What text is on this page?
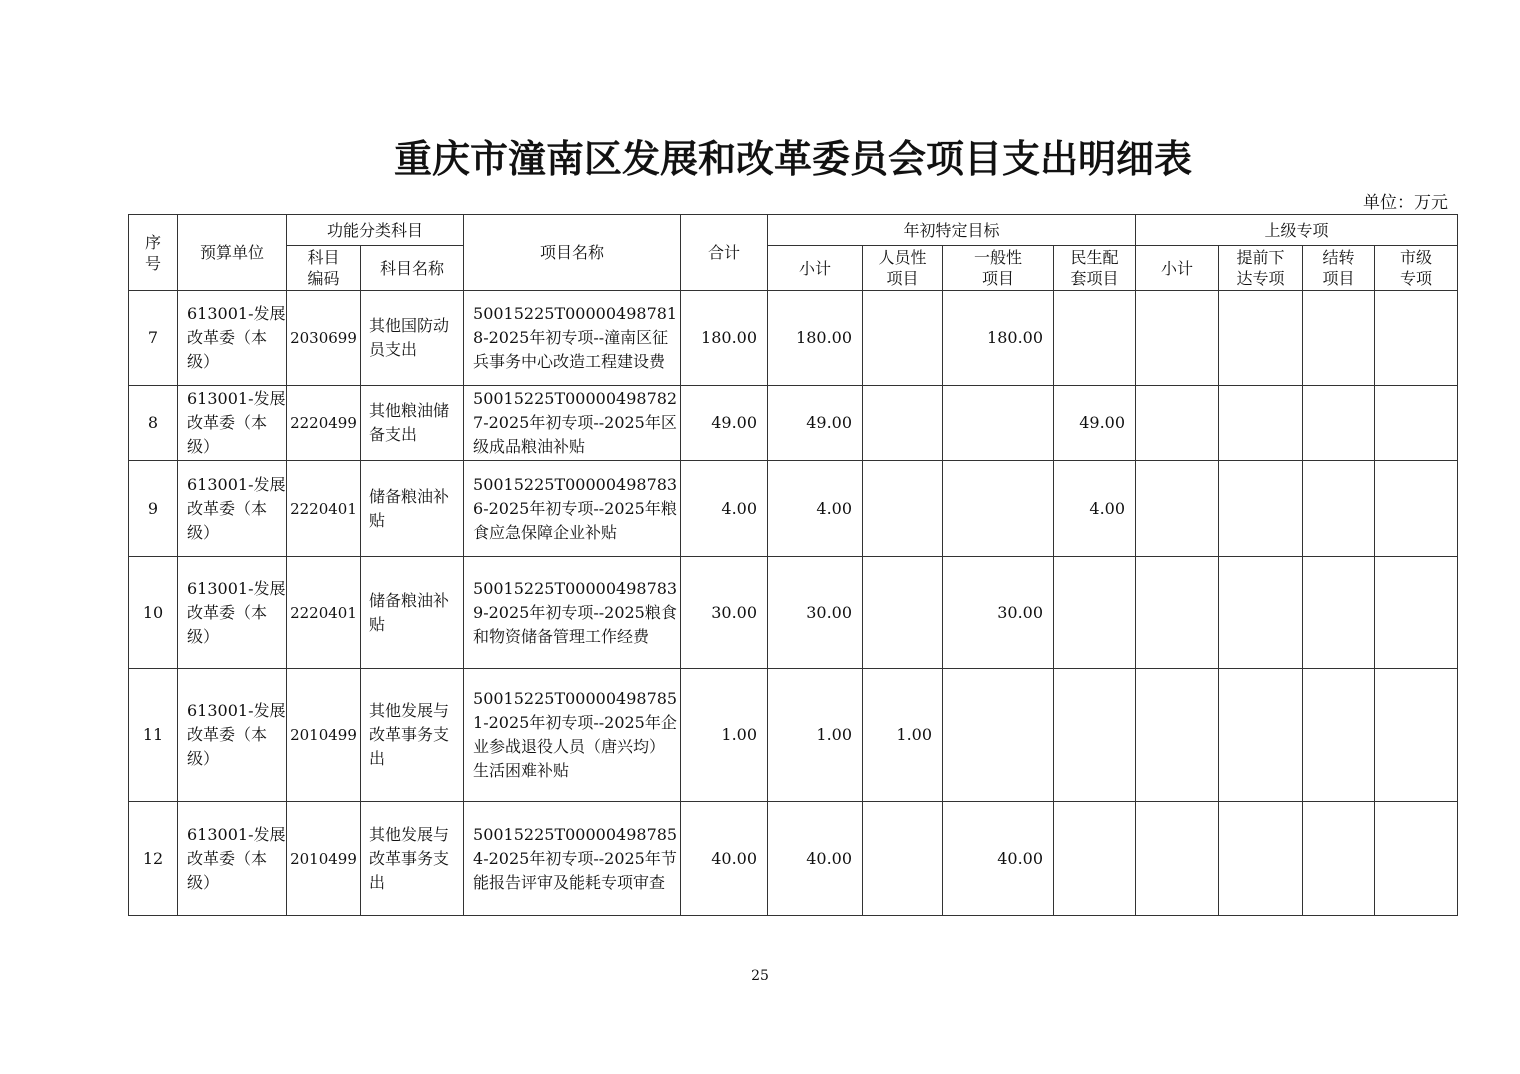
重庆市潼南区发展和改革委员会项目支出明细表
单位：万元
序号	预算单位	功能分类科目		项目名称	合计	年初特定目标				上级专项			
		科目编码	科目名称			小计	人员性项目	一般性项目	民生配套项目	小计	提前下达专项	结转项目	市级专项
7	613001-发展改革委（本级）	2030699	其他国防动员支出	50015225T000004987818-2025年初专项--潼南区征兵事务中心改造工程建设费	180.00	180.00		180.00					
8	613001-发展改革委（本级）	2220499	其他粮油储备支出	50015225T000004987827-2025年初专项--2025年区级成品粮油补贴	49.00	49.00			49.00				
9	613001-发展改革委（本级）	2220401	储备粮油补贴	50015225T000004987836-2025年初专项--2025年粮食应急保障企业补贴	4.00	4.00			4.00				
10	613001-发展改革委（本级）	2220401	储备粮油补贴	50015225T000004987839-2025年初专项--2025粮食和物资储备管理工作经费	30.00	30.00		30.00					
11	613001-发展改革委（本级）	2010499	其他发展与改革事务支出	50015225T000004987851-2025年初专项--2025年企业参战退役人员（唐兴均）生活困难补贴	1.00	1.00	1.00						
12	613001-发展改革委（本级）	2010499	其他发展与改革事务支出	50015225T000004987854-2025年初专项--2025年节能报告评审及能耗专项审查	40.00	40.00		40.00					
25
